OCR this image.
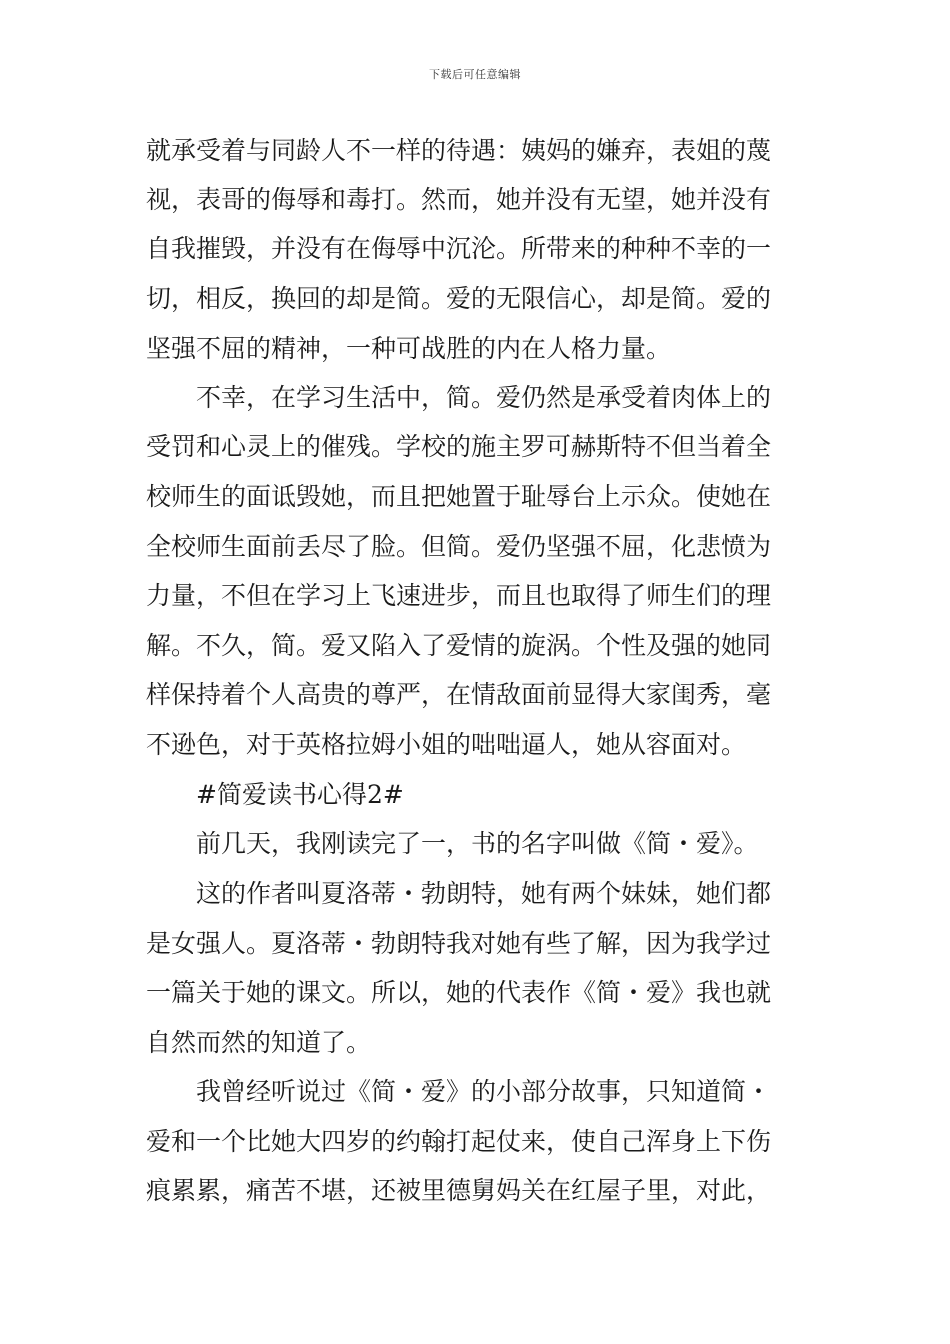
下载后可任意编辑
就承受着与同龄人不一样的待遇：姨妈的嫌弃，表姐的蔑
视，表哥的侮辱和毒打。然而，她并没有无望，她并没有
自我摧毁，并没有在侮辱中沉沦。所带来的种种不幸的一
切，相反，换回的却是简。爱的无限信心，却是简。爱的
坚强不屈的精神，一种可战胜的内在人格力量。
不幸，在学习生活中，简。爱仍然是承受着肉体上的
受罚和心灵上的催残。学校的施主罗可赫斯特不但当着全
校师生的面诋毁她，而且把她置于耻辱台上示众。使她在
全校师生面前丢尽了脸。但简。爱仍坚强不屈，化悲愤为
力量，不但在学习上飞速进步，而且也取得了师生们的理
解。不久，简。爱又陷入了爱情的旋涡。个性及强的她同
样保持着个人高贵的尊严，在情敌面前显得大家闺秀，毫
不逊色，对于英格拉姆小姐的咄咄逼人，她从容面对。
#简爱读书心得2#
前几天，我刚读完了一，书的名字叫做《简・爱》。
这的作者叫夏洛蒂・勃朗特，她有两个妹妹，她们都
是女强人。夏洛蒂・勃朗特我对她有些了解，因为我学过
一篇关于她的课文。所以，她的代表作《简・爱》我也就
自然而然的知道了。
我曾经听说过《简・爱》的小部分故事，只知道简・
爱和一个比她大四岁的约翰打起仗来，使自己浑身上下伤
痕累累，痛苦不堪，还被里德舅妈关在红屋子里，对此，
